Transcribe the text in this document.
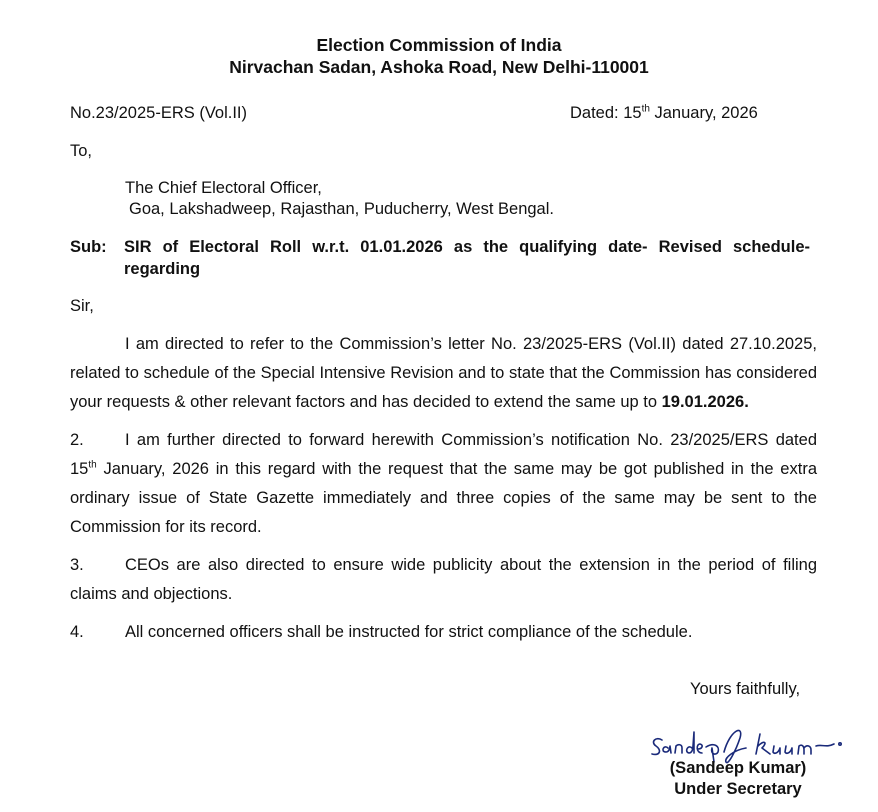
Election Commission of India
Nirvachan Sadan, Ashoka Road, New Delhi-110001
No.23/2025-ERS (Vol.II)	Dated: 15th January, 2026
To,
The Chief Electoral Officer,
Goa, Lakshadweep, Rajasthan, Puducherry, West Bengal.
Sub: SIR of Electoral Roll w.r.t. 01.01.2026 as the qualifying date- Revised schedule-regarding
Sir,
I am directed to refer to the Commission’s letter No. 23/2025-ERS (Vol.II) dated 27.10.2025, related to schedule of the Special Intensive Revision and to state that the Commission has considered your requests & other relevant factors and has decided to extend the same up to 19.01.2026.
2. I am further directed to forward herewith Commission’s notification No. 23/2025/ERS dated 15th January, 2026 in this regard with the request that the same may be got published in the extra ordinary issue of State Gazette immediately and three copies of the same may be sent to the Commission for its record.
3. CEOs are also directed to ensure wide publicity about the extension in the period of filing claims and objections.
4. All concerned officers shall be instructed for strict compliance of the schedule.
Yours faithfully,
(Sandeep Kumar)
Under Secretary
